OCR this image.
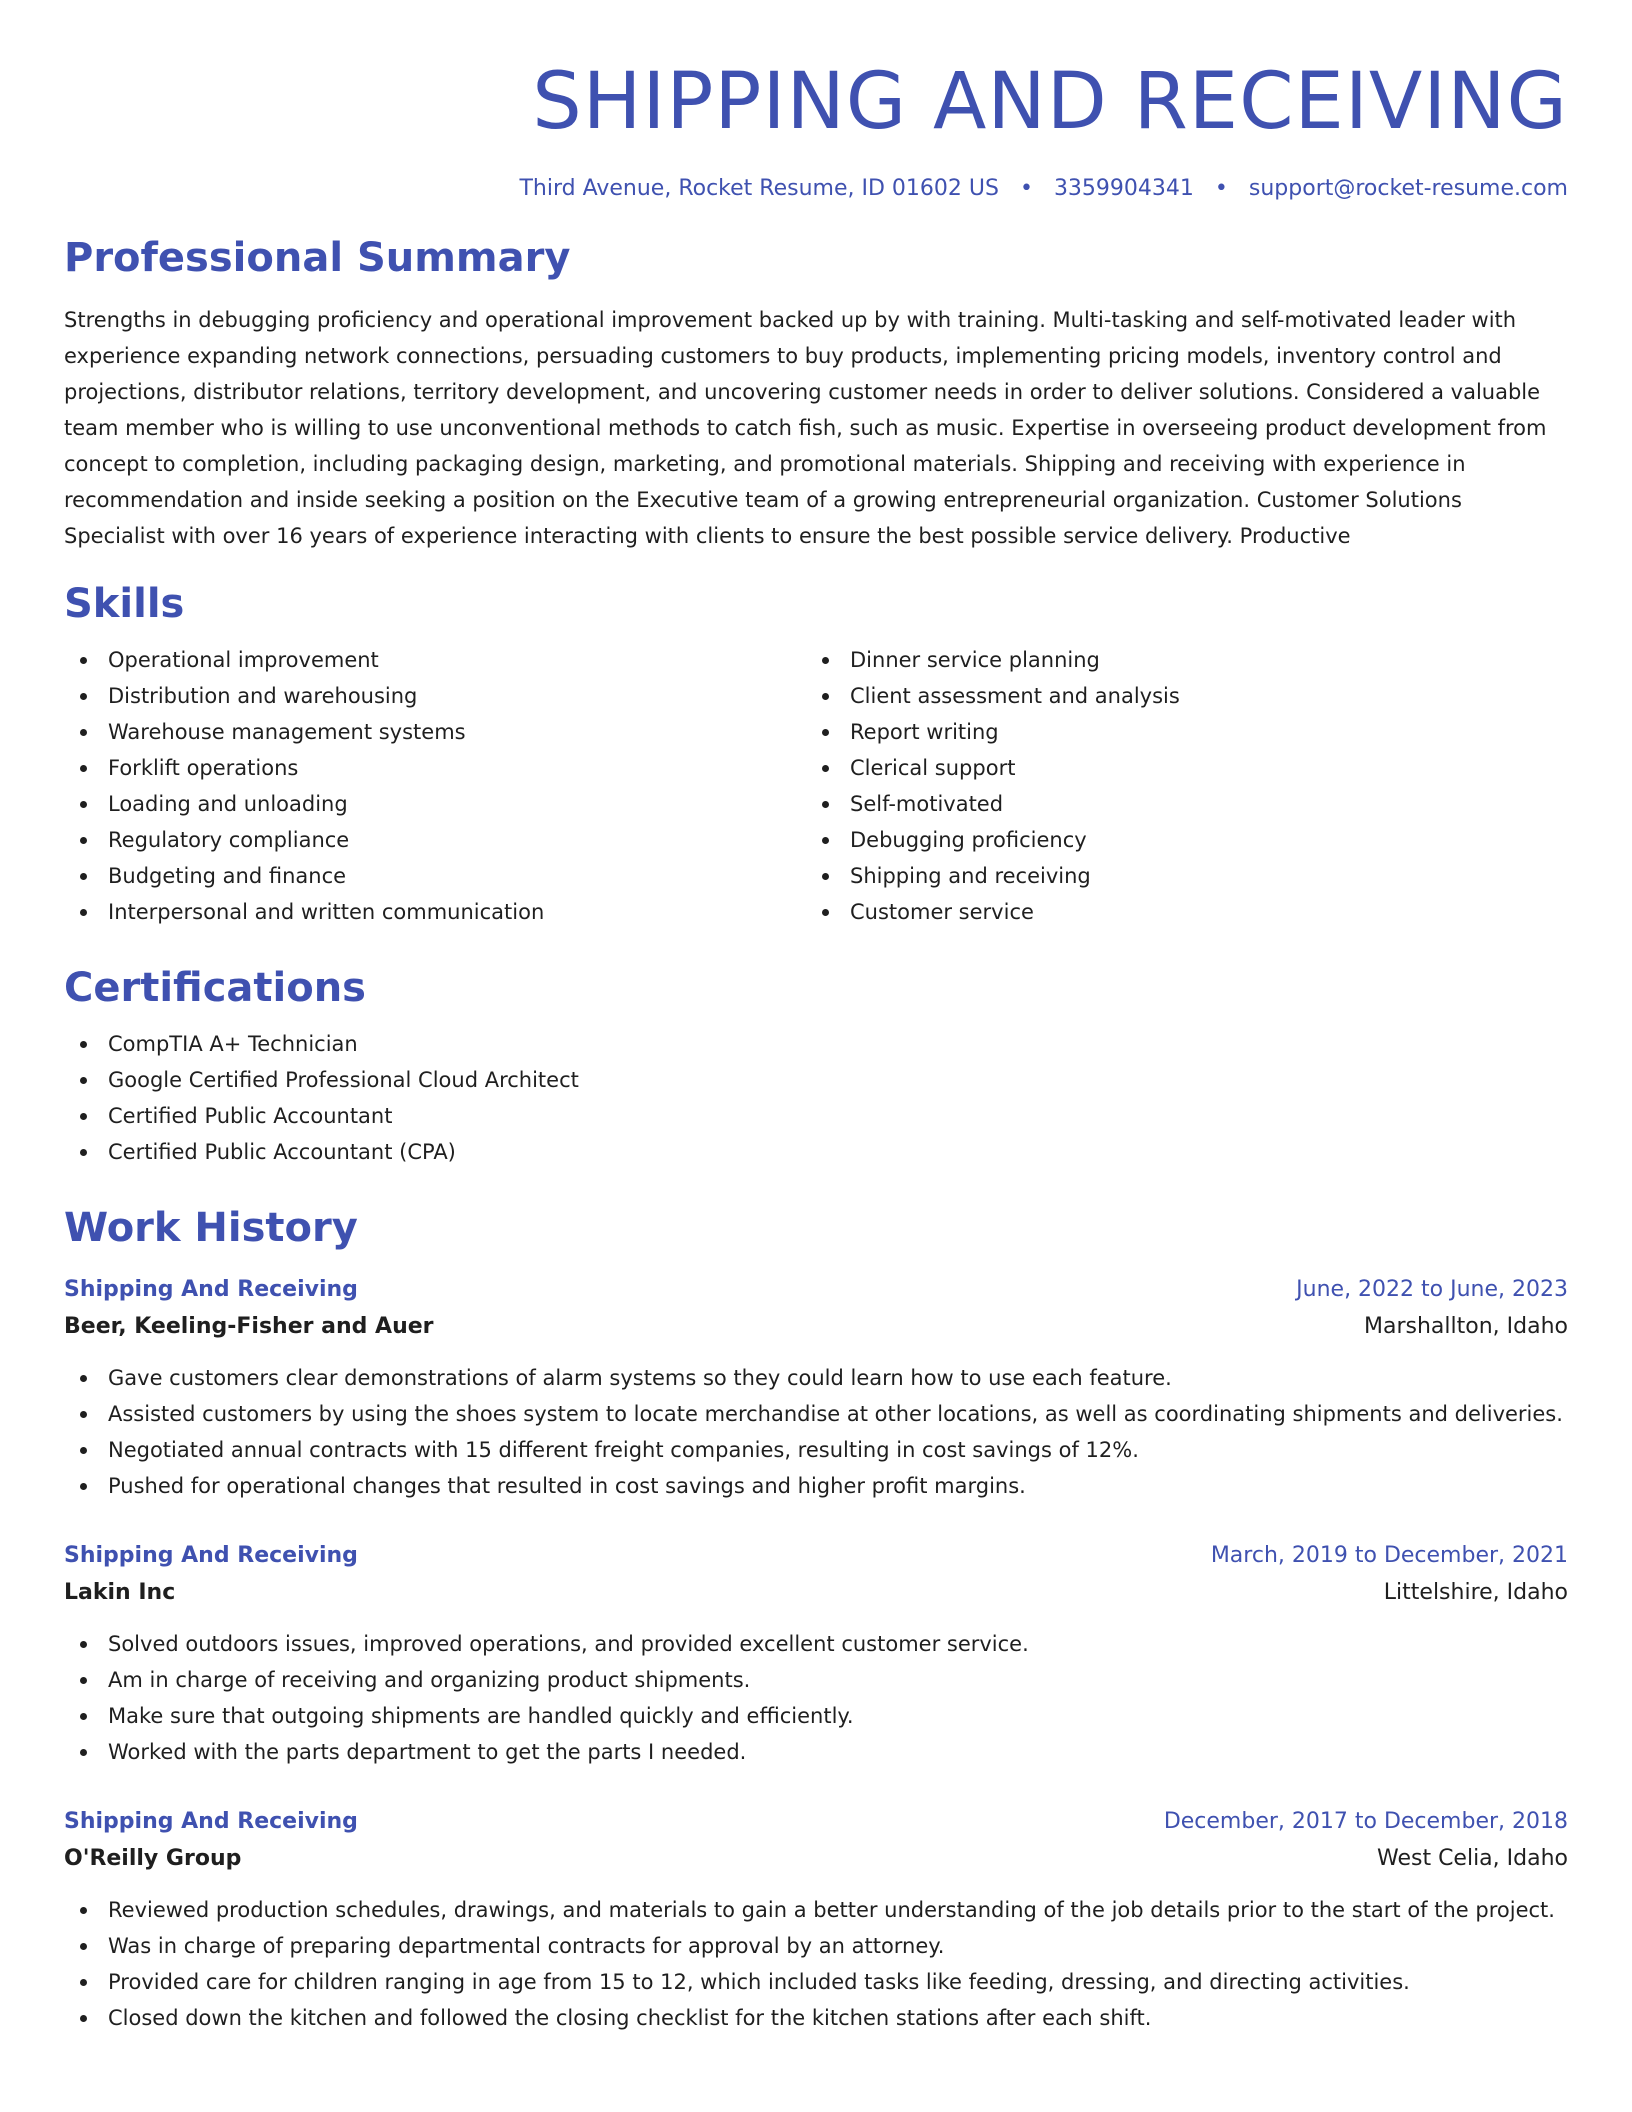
SHIPPING AND RECEIVING
Third Avenue, Rocket Resume, ID 01602 US • 3359904341 • support@rocket-resume.com
Professional Summary

Strengths in debugging proficiency and operational improvement backed up by with training. Multi-tasking and self-motivated leader with experience expanding network connections, persuading customers to buy products, implementing pricing models, inventory control and projections, distributor relations, territory development, and uncovering customer needs in order to deliver solutions. Considered a valuable team member who is willing to use unconventional methods to catch fish, such as music. Expertise in overseeing product development from concept to completion, including packaging design, marketing, and promotional materials. Shipping and receiving with experience in recommendation and inside seeking a position on the Executive team of a growing entrepreneurial organization. Customer Solutions Specialist with over 16 years of experience interacting with clients to ensure the best possible service delivery. Productive

Skills
Operational improvement
Distribution and warehousing
Warehouse management systems
Forklift operations
Loading and unloading
Regulatory compliance
Budgeting and finance
Interpersonal and written communication
Dinner service planning
Client assessment and analysis
Report writing
Clerical support
Self-motivated
Debugging proficiency
Shipping and receiving
Customer service
Certifications
CompTIA A+ Technician
Google Certified Professional Cloud Architect
Certified Public Accountant
Certified Public Accountant (CPA)
Work History
Shipping And Receiving	June, 2022 to June, 2023
Beer, Keeling-Fisher and Auer	Marshallton, Idaho
Gave customers clear demonstrations of alarm systems so they could learn how to use each feature.
Assisted customers by using the shoes system to locate merchandise at other locations, as well as coordinating shipments and deliveries.
Negotiated annual contracts with 15 different freight companies, resulting in cost savings of 12%.
Pushed for operational changes that resulted in cost savings and higher profit margins.
Shipping And Receiving	March, 2019 to December, 2021
Lakin Inc	Littelshire, Idaho
Solved outdoors issues, improved operations, and provided excellent customer service.
Am in charge of receiving and organizing product shipments.
Make sure that outgoing shipments are handled quickly and efficiently.
Worked with the parts department to get the parts I needed.
Shipping And Receiving	December, 2017 to December, 2018
O'Reilly Group	West Celia, Idaho
Reviewed production schedules, drawings, and materials to gain a better understanding of the job details prior to the start of the project.
Was in charge of preparing departmental contracts for approval by an attorney.
Provided care for children ranging in age from 15 to 12, which included tasks like feeding, dressing, and directing activities.
Closed down the kitchen and followed the closing checklist for the kitchen stations after each shift.
